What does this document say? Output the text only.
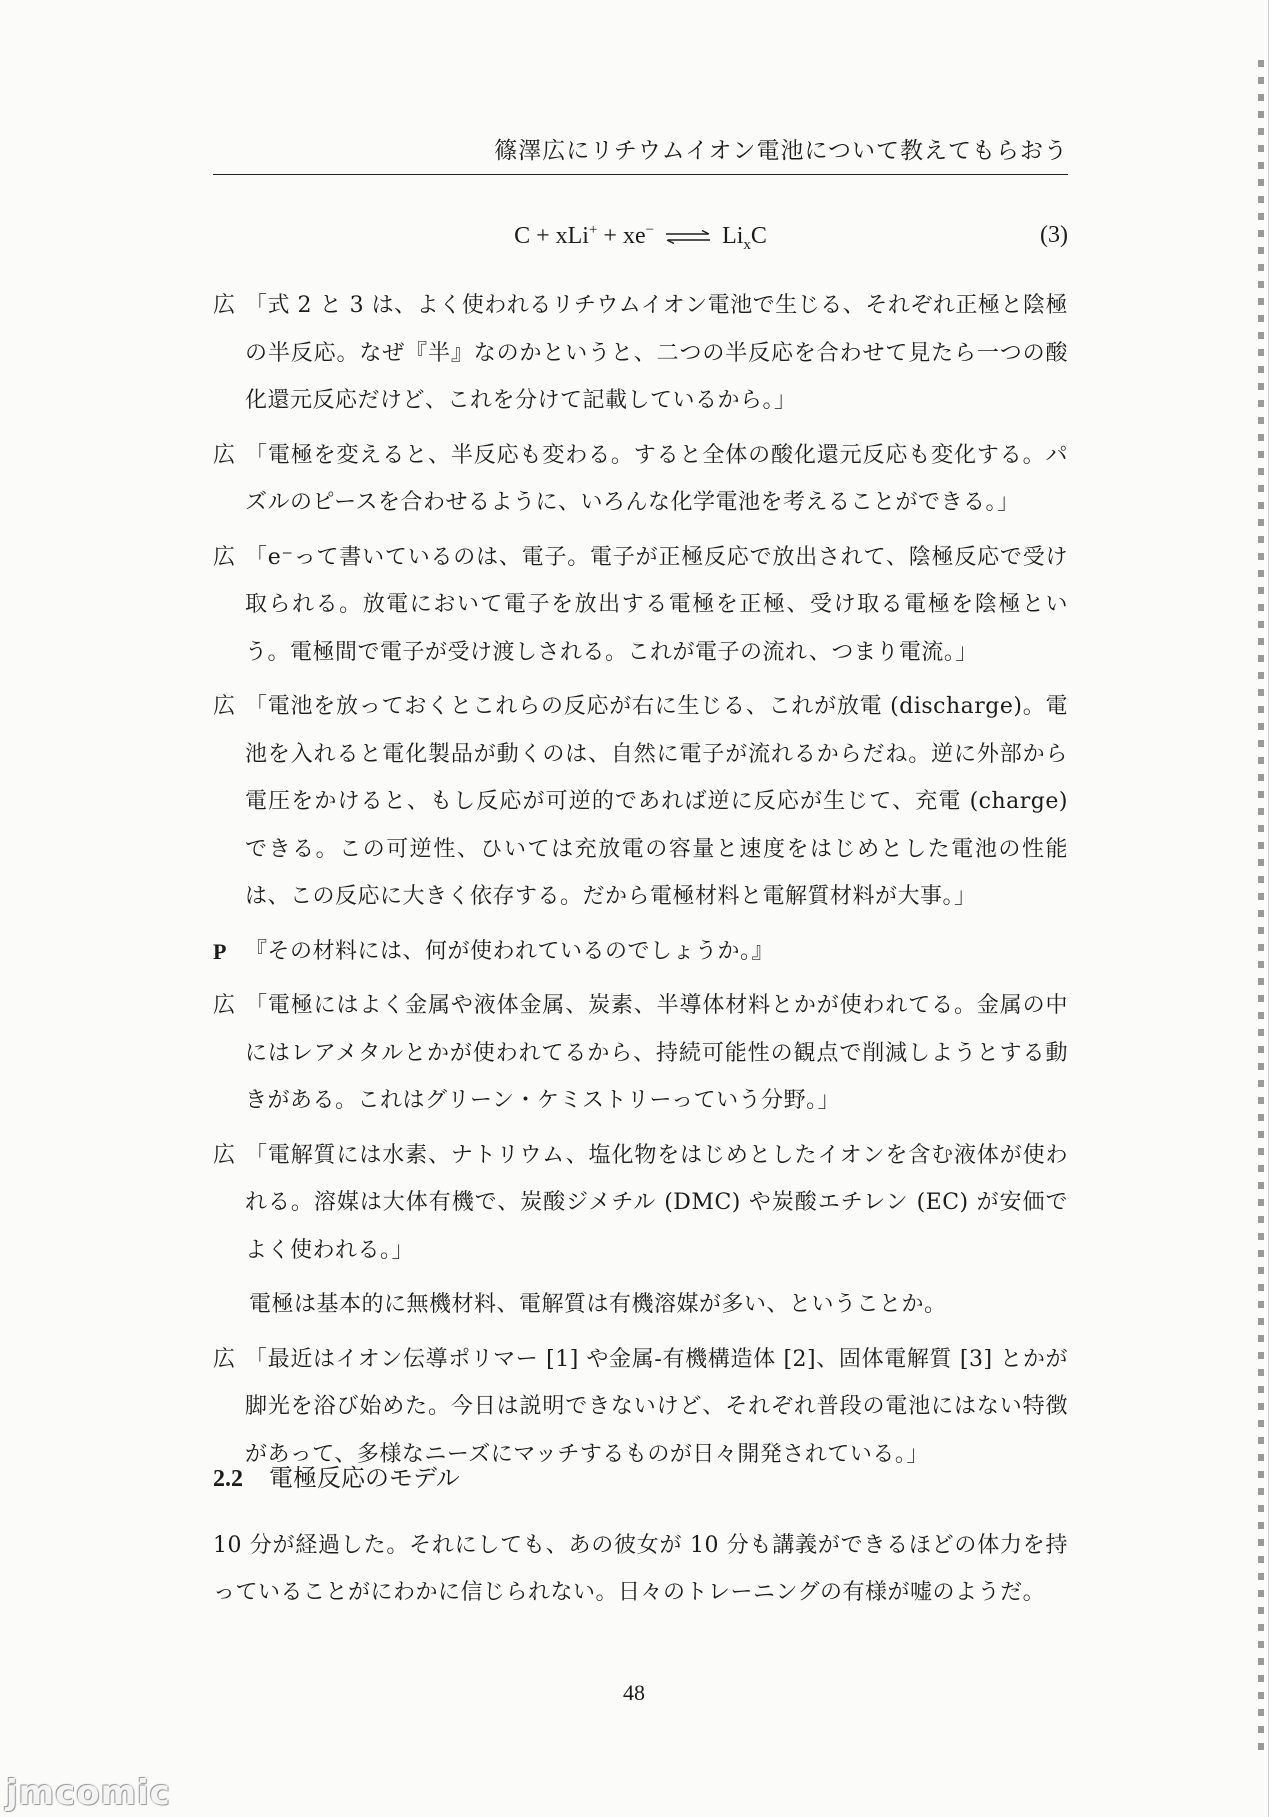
篠澤広にリチウムイオン電池について教えてもらおう
C + xLi+ + xe− ⇌ $Li_xC$	(3)
広 「式 2 と 3 は、よく使われるリチウムイオン電池で生じる、それぞれ正極と陰極の半反応。なぜ『半』なのかというと、二つの半反応を合わせて見たら一つの酸化還元反応だけど、これを分けて記載しているから。」
広 「電極を変えると、半反応も変わる。すると全体の酸化還元反応も変化する。パズルのピースを合わせるように、いろんな化学電池を考えることができる。」
広 「e⁻って書いているのは、電子。電子が正極反応で放出されて、陰極反応で受け取られる。放電において電子を放出する電極を正極、受け取る電極を陰極という。電極間で電子が受け渡しされる。これが電子の流れ、つまり電流。」
広 「電池を放っておくとこれらの反応が右に生じる、これが放電 (discharge)。電池を入れると電化製品が動くのは、自然に電子が流れるからだね。逆に外部から電圧をかけると、もし反応が可逆的であれば逆に反応が生じて、充電 (charge) できる。この可逆性、ひいては充放電の容量と速度をはじめとした電池の性能は、この反応に大きく依存する。だから電極材料と電解質材料が大事。」
P 『その材料には、何が使われているのでしょうか。』
広 「電極にはよく金属や液体金属、炭素、半導体材料とかが使われてる。金属の中にはレアメタルとかが使われてるから、持続可能性の観点で削減しようとする動きがある。これはグリーン・ケミストリーっていう分野。」
広 「電解質には水素、ナトリウム、塩化物をはじめとしたイオンを含む液体が使われる。溶媒は大体有機で、炭酸ジメチル (DMC) や炭酸エチレン (EC) が安価でよく使われる。」
電極は基本的に無機材料、電解質は有機溶媒が多い、ということか。
広 「最近はイオン伝導ポリマー [1] や金属-有機構造体 [2]、固体電解質 [3] とかが脚光を浴び始めた。今日は説明できないけど、それぞれ普段の電池にはない特徴があって、多様なニーズにマッチするものが日々開発されている。」
2.2 電極反応のモデル
10 分が経過した。それにしても、あの彼女が 10 分も講義ができるほどの体力を持っていることがにわかに信じられない。日々のトレーニングの有様が嘘のようだ。
48
jmcomic
